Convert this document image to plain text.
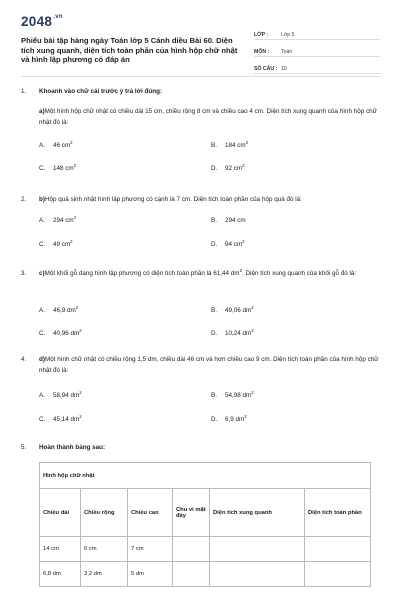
$2048^{.vn}$
Phiếu bài tập hàng ngày Toán lớp 5 Cánh diều Bài 60. Diện tích xung quanh, diện tích toàn phần của hình hộp chữ nhật và hình lập phương có đáp án
LỚP :	Lớp 5
MÔN :	Toán
SỐ CÂU : 10
1. Khoanh vào chữ cái trước ý trả lời đúng:
a)Một hình hộp chữ nhật có chiều dài 15 cm, chiều rộng 8 cm và chiều cao 4 cm. Diện tích xung quanh của hình hộp chữ nhật đó là:
A. 46 $cm^2$	B. 184 $cm^2$
C. 148 $cm^2$	D. 92 $cm^2$
2. b)Hộp quà sinh nhật hình lập phương có cạnh là 7 cm. Diện tích toàn phần của hộp quà đó là:
A. 294 $cm^2$	B. 294 cm
C. 49 $cm^2$	D. 94 $cm^2$
3. c)Một khối gỗ dạng hình lập phương có diện tích toàn phần là 61,44 $dm^2$. Diện tích xung quanh của khối gỗ đó là:
A. 46,9 $dm^2$	B. 49,06 $dm^2$
C. 40,96 $dm^2$	D. 10,24 $dm^2$
4. d)Một hình chữ nhật có chiều rộng 1,5 dm, chiều dài 46 cm và hơn chiều cao 9 cm. Diện tích toàn phần của hình hộp chữ nhật đó là:
A. 58,94 $dm^2$	B. 54,98 $dm^2$
C. 45,14 $dm^2$	D. 6,9 $dm^2$
5. Hoàn thành bảng sau:
Hình hộp chữ nhật					
Chiều dài	Chiều rộng	Chiều cao	Chu vi mặt đáy	Diện tích xung quanh	Diện tích toàn phần
14 cm	6 cm	7 cm			
6,8 dm	3,2 dm	5 dm			
